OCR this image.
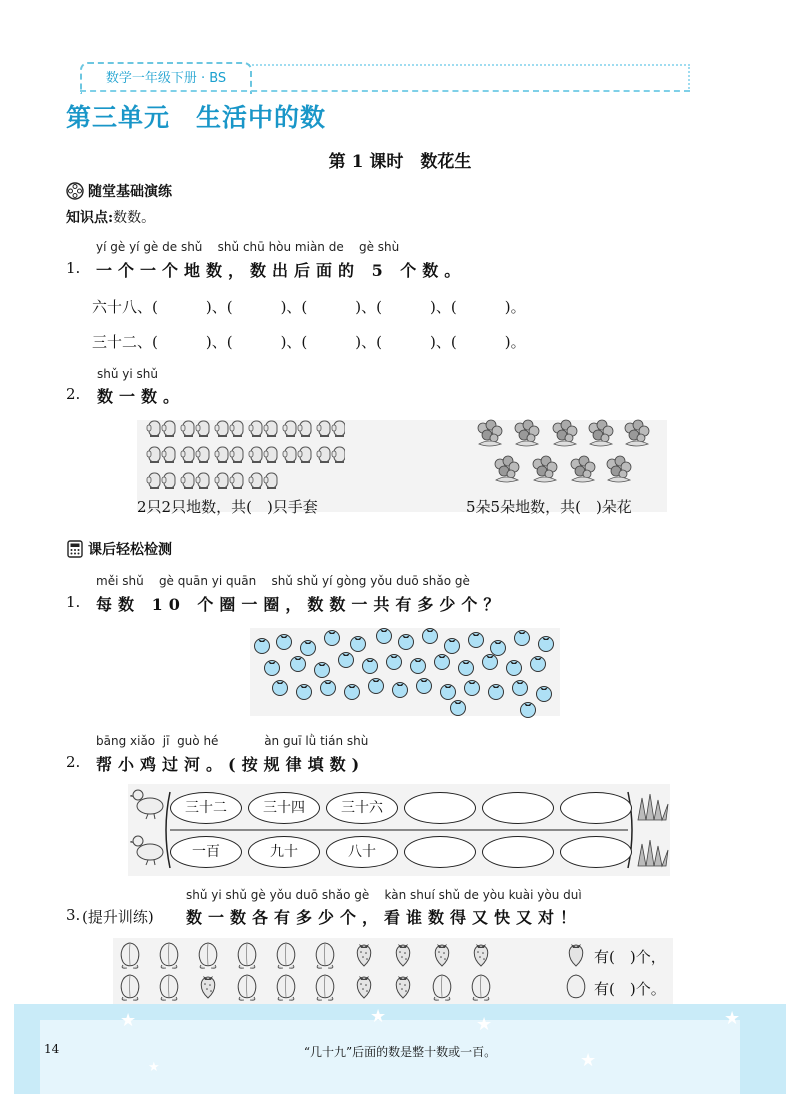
数学一年级下册 · BS
第三单元　生活中的数
第 1 课时　数花生
随堂基础演练
知识点:数数。
yí gè yí gè de shǔ    shǔ chū hòu miàn de    gè shù
1. 一个一个地数，数出后面的 5 个数。
六十八、(	)、(	)、(	)、(	)、(	)。
三十二、(	)、(	)、(	)、(	)、(	)。
shǔ yi shǔ
2. 数一数。
2只2只地数，共(　)只手套	5朵5朵地数，共(　)朵花
课后轻松检测
měi shǔ    gè quān yi quān    shǔ shǔ yí gòng yǒu duō shǎo gè
1. 每数 10 个圈一圈，数数一共有多少个？
bāng xiǎo  jī  guò hé            àn guī lǜ tián shù
2. 帮小鸡过河。(按规律填数)
三十二	三十四	三十六
一百	九十	八十
shǔ yi shǔ gè yǒu duō shǎo gè    kàn shuí shǔ de yòu kuài yòu duì
3. (提升训练) 数一数各有多少个，看谁数得又快又对！
有(　)个，
有(　)个。
★	★	★	★
★
★
14	“几十九”后面的数是整十数或一百。
